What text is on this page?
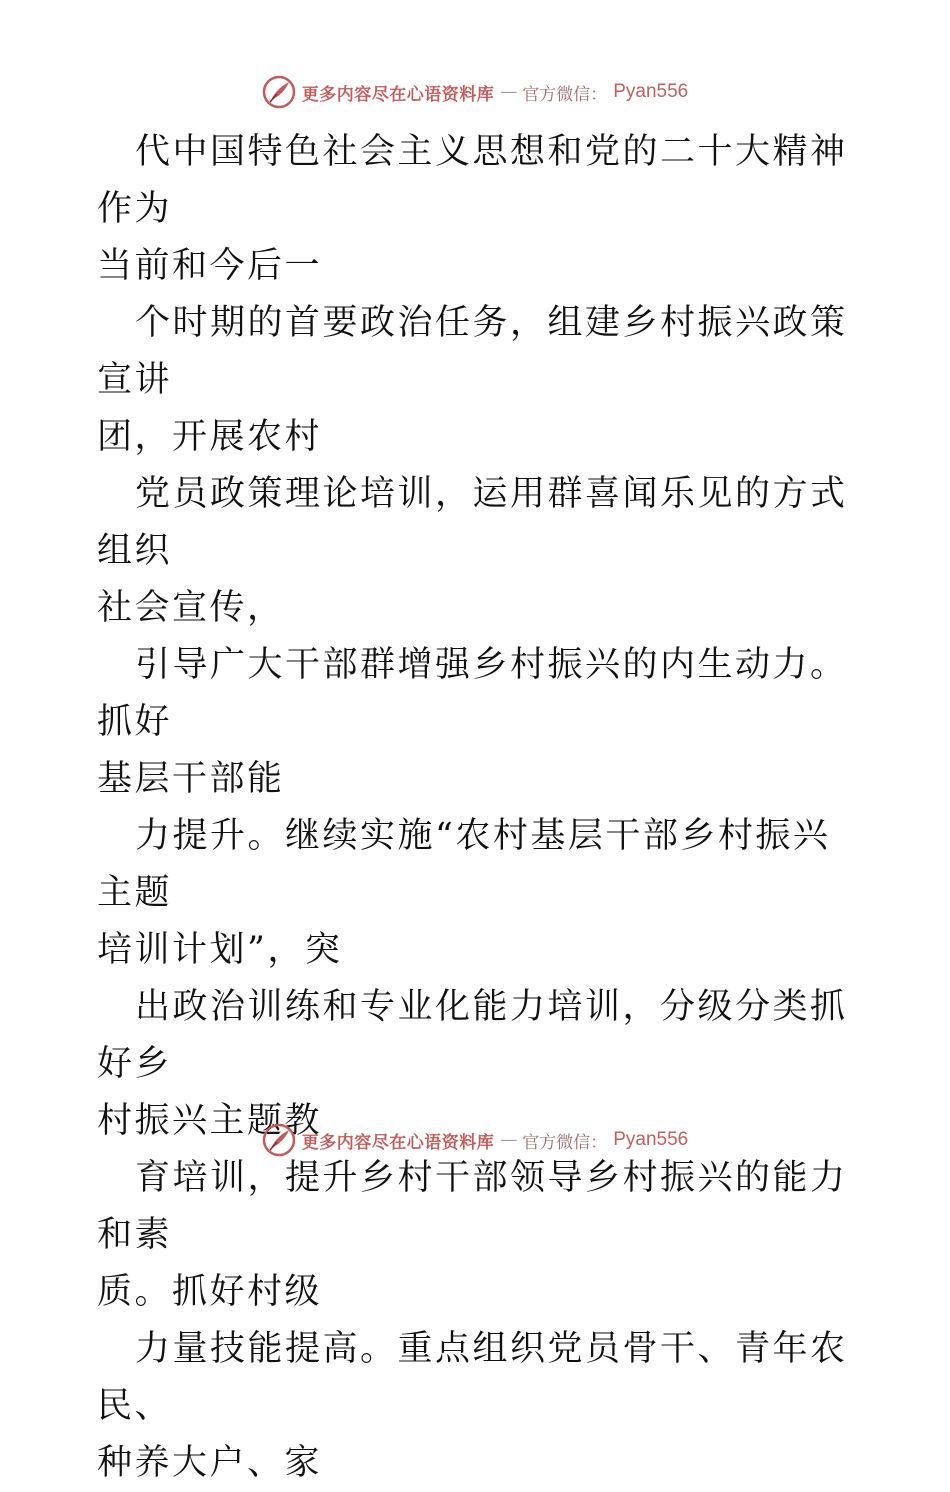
更多内容尽在心语资料库 — 官方微信： Pyan556

代中国特色社会主义思想和党的二十大精神作为
当前和今后一

个时期的首要政治任务，组建乡村振兴政策宣讲
团，开展农村

党员政策理论培训，运用群喜闻乐见的方式组织
社会宣传，

引导广大干部群增强乡村振兴的内生动力。抓好
基层干部能

力提升。继续实施“农村基层干部乡村振兴主题
培训计划”，突

出政治训练和专业化能力培训，分级分类抓好乡
村振兴主题教

育培训，提升乡村干部领导乡村振兴的能力和素
质。抓好村级

力量技能提高。重点组织党员骨干、青年农民、
种养大户、家

更多内容尽在心语资料库 — 官方微信： Pyan556
